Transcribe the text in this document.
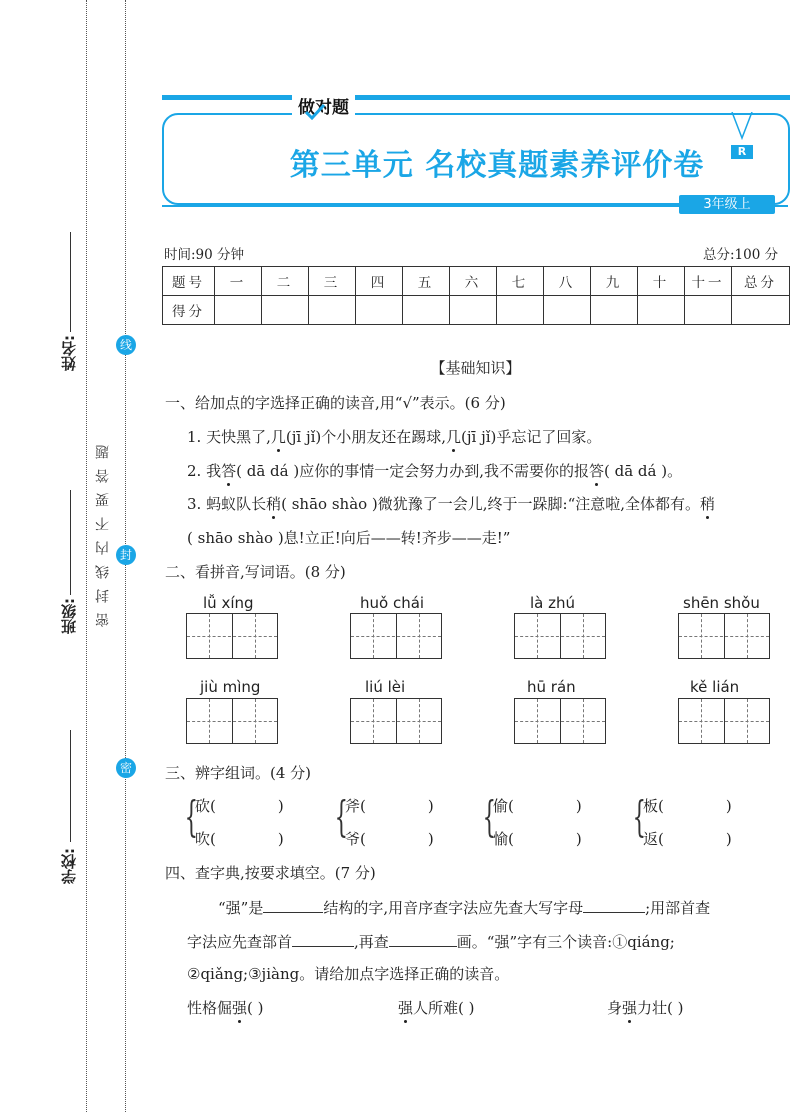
姓名:
班级:
学校:
线
封
密
密封线内不要答题
做对题
第三单元 名校真题素养评价卷	R
3年级上
时间:90 分钟	总分:100 分
题号	一	二	三	四	五	六	七	八	九	十	十一	总分
得分												
【基础知识】
一、给加点的字选择正确的读音,用“√”表示。(6 分)
1. 天快黑了,几(jī jǐ)个小朋友还在踢球,几(jī jǐ)乎忘记了回家。
2. 我答( dā dá )应你的事情一定会努力办到,我不需要你的报答( dā dá )。
3. 蚂蚁队长稍( shāo shào )微犹豫了一会儿,终于一跺脚:“注意啦,全体都有。稍
( shāo shào )息!立正!向后——转!齐步——走!”
二、看拼音,写词语。(8 分)
lǚ xíng	huǒ chái	là zhú	shēn shǒu
jiù mìng	liú lèi	hū rán	kě lián
三、辨字组词。(4 分)
{
砍(	)
吹(	) {
斧(	)
爷(	) {
偷(	)
愉(	) {
板(	)
返(	)
四、查字典,按要求填空。(7 分)
“强”是	结构的字,用音序查字法应先查大写字母	;用部首查
字法应先查部首	,再查	画。“强”字有三个读音:①qiáng;
②qiǎng;③jiàng。请给加点字选择正确的读音。
性格倔强( )	强人所难( )	身强力壮( )
